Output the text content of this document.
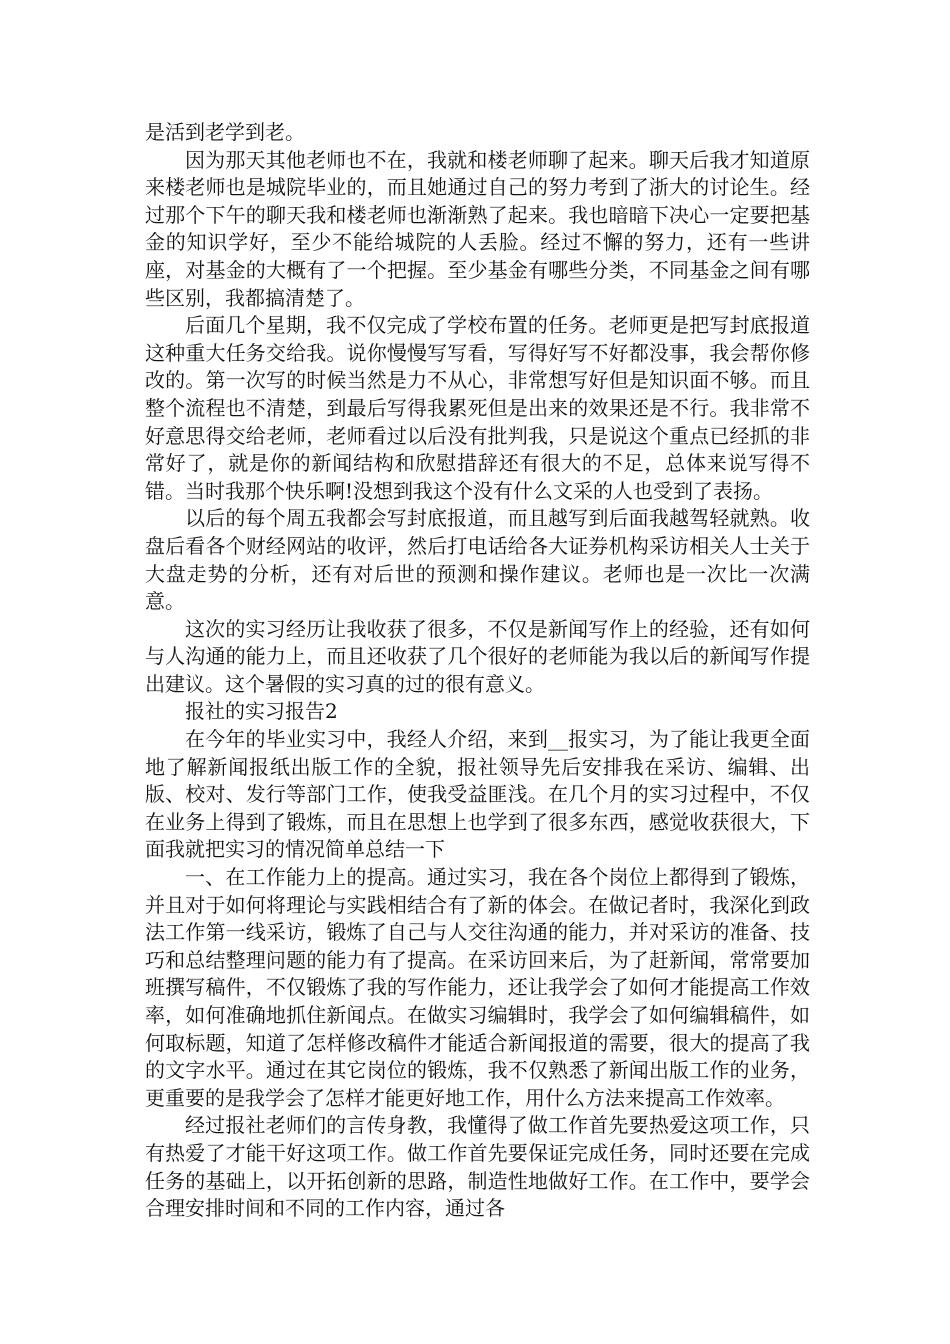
是活到老学到老。

因为那天其他老师也不在，我就和楼老师聊了起来。聊天后我才知道原来楼老师也是城院毕业的，而且她通过自己的努力考到了浙大的讨论生。经过那个下午的聊天我和楼老师也渐渐熟了起来。我也暗暗下决心一定要把基金的知识学好，至少不能给城院的人丢脸。经过不懈的努力，还有一些讲座，对基金的大概有了一个把握。至少基金有哪些分类，不同基金之间有哪些区别，我都搞清楚了。

后面几个星期，我不仅完成了学校布置的任务。老师更是把写封底报道这种重大任务交给我。说你慢慢写写看，写得好写不好都没事，我会帮你修改的。第一次写的时候当然是力不从心，非常想写好但是知识面不够。而且整个流程也不清楚，到最后写得我累死但是出来的效果还是不行。我非常不好意思得交给老师，老师看过以后没有批判我，只是说这个重点已经抓的非常好了，就是你的新闻结构和欣慰措辞还有很大的不足，总体来说写得不错。当时我那个快乐啊!没想到我这个没有什么文采的人也受到了表扬。

以后的每个周五我都会写封底报道，而且越写到后面我越驾轻就熟。收盘后看各个财经网站的收评，然后打电话给各大证券机构采访相关人士关于大盘走势的分析，还有对后世的预测和操作建议。老师也是一次比一次满意。

这次的实习经历让我收获了很多，不仅是新闻写作上的经验，还有如何与人沟通的能力上，而且还收获了几个很好的老师能为我以后的新闻写作提出建议。这个暑假的实习真的过的很有意义。

报社的实习报告2

在今年的毕业实习中，我经人介绍，来到__报实习，为了能让我更全面地了解新闻报纸出版工作的全貌，报社领导先后安排我在采访、编辑、出版、校对、发行等部门工作，使我受益匪浅。在几个月的实习过程中，不仅在业务上得到了锻炼，而且在思想上也学到了很多东西，感觉收获很大，下面我就把实习的情况简单总结一下

一、在工作能力上的提高。通过实习，我在各个岗位上都得到了锻炼，并且对于如何将理论与实践相结合有了新的体会。在做记者时，我深化到政法工作第一线采访，锻炼了自己与人交往沟通的能力，并对采访的准备、技巧和总结整理问题的能力有了提高。在采访回来后，为了赶新闻，常常要加班撰写稿件，不仅锻炼了我的写作能力，还让我学会了如何才能提高工作效率，如何准确地抓住新闻点。在做实习编辑时，我学会了如何编辑稿件，如何取标题，知道了怎样修改稿件才能适合新闻报道的需要，很大的提高了我的文字水平。通过在其它岗位的锻炼，我不仅熟悉了新闻出版工作的业务，更重要的是我学会了怎样才能更好地工作，用什么方法来提高工作效率。

经过报社老师们的言传身教，我懂得了做工作首先要热爱这项工作，只有热爱了才能干好这项工作。做工作首先要保证完成任务，同时还要在完成任务的基础上，以开拓创新的思路，制造性地做好工作。在工作中，要学会合理安排时间和不同的工作内容，通过各
